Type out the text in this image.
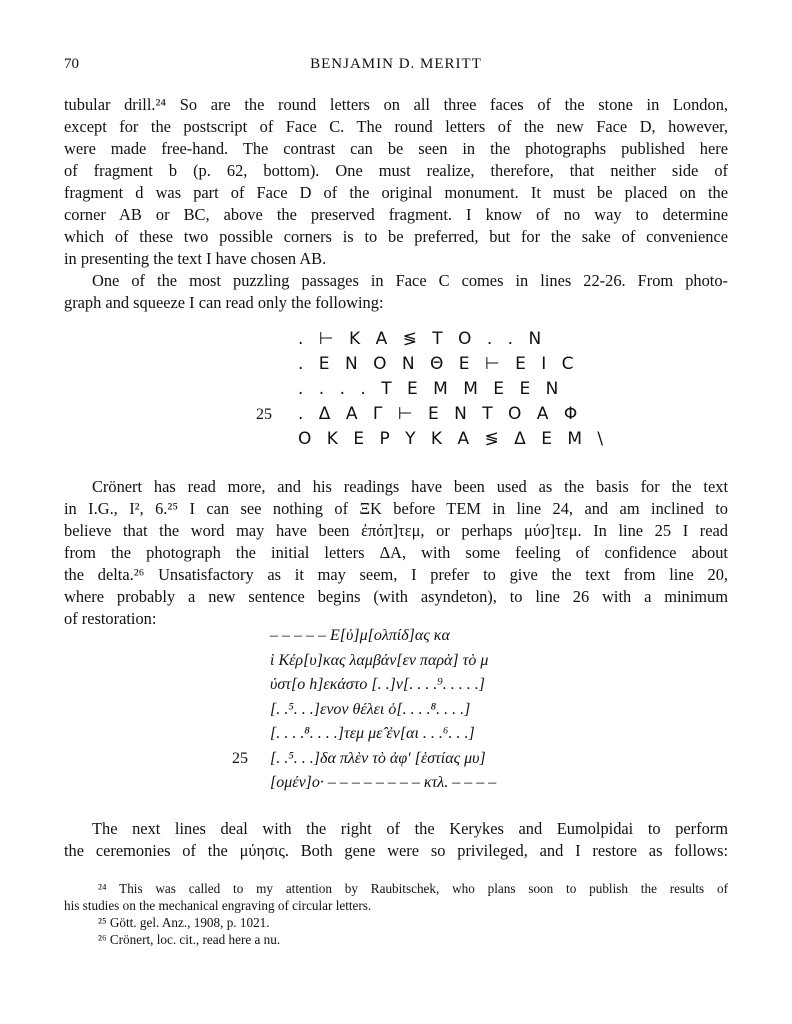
70	BENJAMIN D. MERITT

tubular drill.²⁴ So are the round letters on all three faces of the stone in London,
except for the postscript of Face C. The round letters of the new Face D, however,
were made free-hand. The contrast can be seen in the photographs published here
of fragment b (p. 62, bottom). One must realize, therefore, that neither side of
fragment d was part of Face D of the original monument. It must be placed on the
corner AB or BC, above the preserved fragment. I know of no way to determine
which of these two possible corners is to be preferred, but for the sake of convenience
in presenting the text I have chosen AB.

One of the most puzzling passages in Face C comes in lines 22-26. From photo-
graph and squeeze I can read only the following:

. ⊢ K A ≶ T O . . N
. E N O N Θ E ⊢ E I C
. . . . T E M M E E N
25 . Δ A Γ ⊢ E N T O A Φ
O K E Ρ Y K A ≶ Δ E M \

Crönert has read more, and his readings have been used as the basis for the text
in I.G., I², 6.²⁵ I can see nothing of ΞK before TEM in line 24, and am inclined to
believe that the word may have been ἐπόπ]τεμ, or perhaps μύσ]τεμ. In line 25 I read
from the photograph the initial letters ΔA, with some feeling of confidence about
the delta.²⁶ Unsatisfactory as it may seem, I prefer to give the text from line 20,
where probably a new sentence begins (with asyndeton), to line 26 with a minimum
of restoration:

– – – – – E[ὐ]μ[ολπίδ]ας κα
ὶ Κέρ[υ]κας λαμβάν[εν παρὰ] τὸ μ
ύστ[ο h]εκάστο [. .]ν[. . . .⁹. . . . .]
[. .⁵. . .]ενον θέλει ὁ[. . . .⁸. . . .]
[. . . .⁸. . . .]τεμ με̂ ἐν[αι . . .⁶. . .]
25 [. .⁵. . .]δα πλὲν τὸ ἀφ' [ἑστίας μυ]
[ομέν]ο· – – – – – – – – κτλ. – – – –

The next lines deal with the right of the Kerykes and Eumolpidai to perform
the ceremonies of the μύησις. Both gene were so privileged, and I restore as follows:

²⁴ This was called to my attention by Raubitschek, who plans soon to publish the results of
his studies on the mechanical engraving of circular letters.
²⁵ Gött. gel. Anz., 1908, p. 1021.
²⁶ Crönert, loc. cit., read here a nu.
